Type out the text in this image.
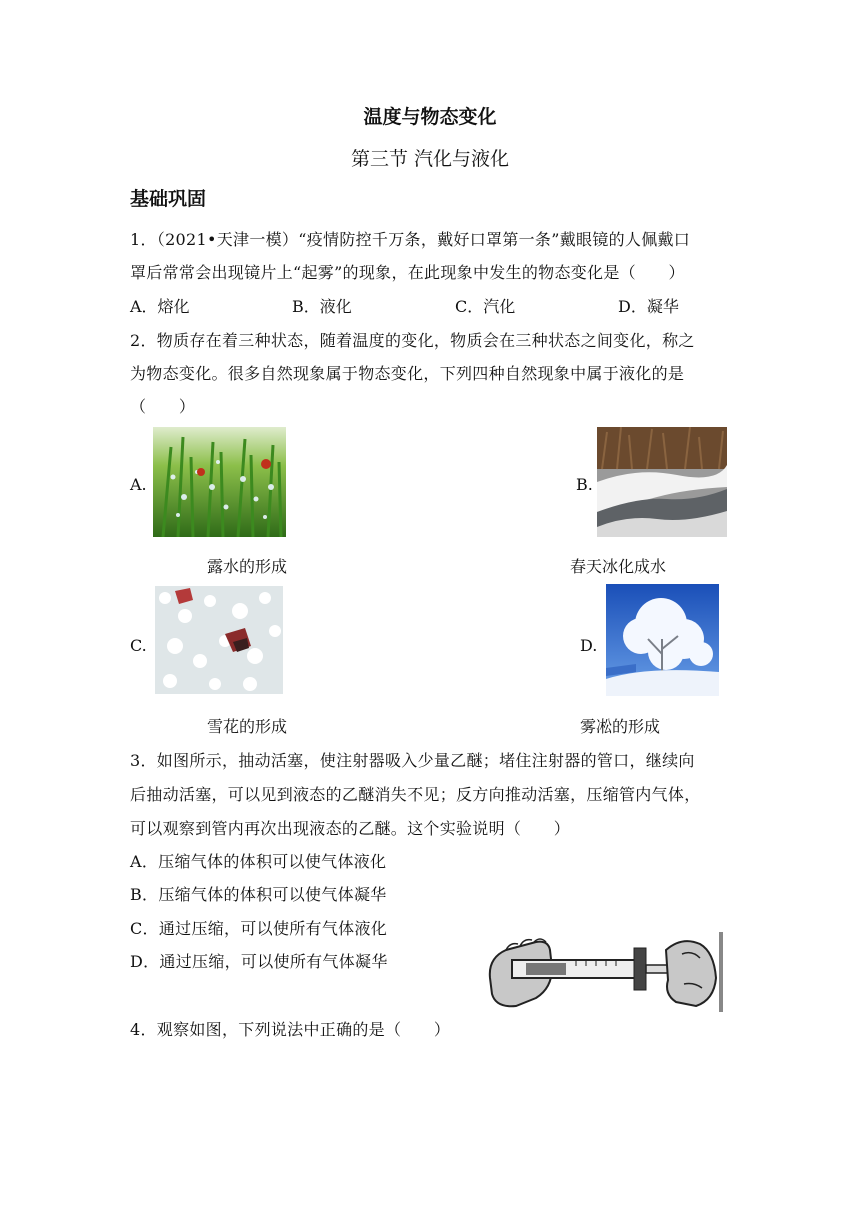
温度与物态变化
第三节 汽化与液化
基础巩固
1．（2021•天津一模）“疫情防控千万条，戴好口罩第一条”戴眼镜的人佩戴口
罩后常常会出现镜片上“起雾”的现象，在此现象中发生的物态变化是（　　）
A．熔化	B．液化	C．汽化	D．凝华
2．物质存在着三种状态，随着温度的变化，物质会在三种状态之间变化，称之
为物态变化。很多自然现象属于物态变化，下列四种自然现象中属于液化的是
（　　）
A.	B.
露水的形成	春天冰化成水
C.	D.
雪花的形成	雾凇的形成
3．如图所示，抽动活塞，使注射器吸入少量乙醚；堵住注射器的管口，继续向
后抽动活塞，可以见到液态的乙醚消失不见；反方向推动活塞，压缩管内气体，
可以观察到管内再次出现液态的乙醚。这个实验说明（　　）
A．压缩气体的体积可以使气体液化
B．压缩气体的体积可以使气体凝华
C．通过压缩，可以使所有气体液化
D．通过压缩，可以使所有气体凝华
4．观察如图，下列说法中正确的是（　　）
